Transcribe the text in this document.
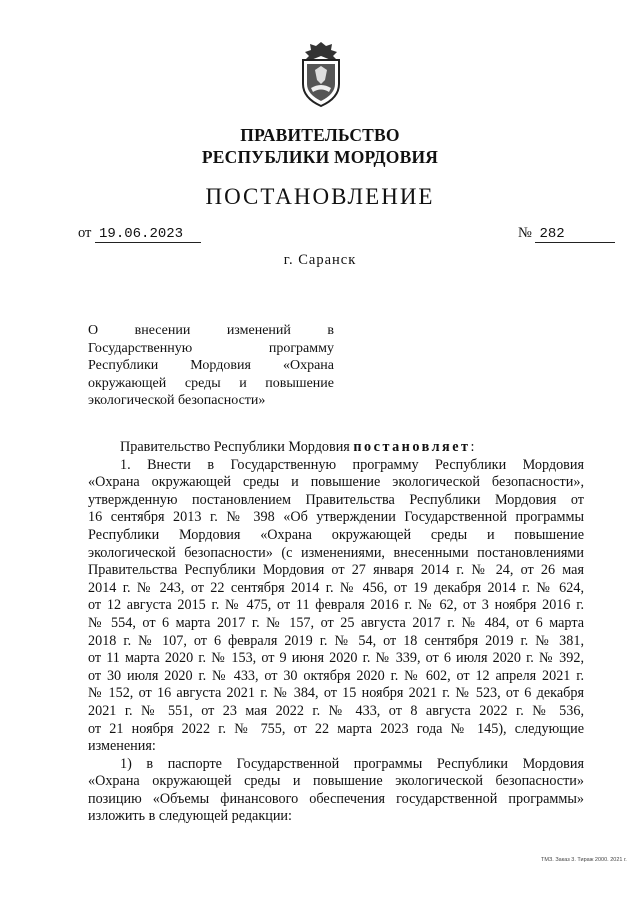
ПРАВИТЕЛЬСТВО
РЕСПУБЛИКИ МОРДОВИЯ
ПОСТАНОВЛЕНИЕ
от 19.06.2023	№ 282
г. Саранск
О внесении изменений в
Государственную программу
Республики Мордовия «Охрана
окружающей среды и повышение
экологической безопасности»
Правительство Республики Мордовия постановляет:
1. Внести в Государственную программу Республики Мордовия
«Охрана окружающей среды и повышение экологической безопасности»,
утвержденную постановлением Правительства Республики Мордовия от
16 сентября 2013 г. № 398 «Об утверждении Государственной программы
Республики Мордовия «Охрана окружающей среды и повышение
экологической безопасности» (с изменениями, внесенными постановлениями
Правительства Республики Мордовия от 27 января 2014 г. № 24, от 26 мая
2014 г. № 243, от 22 сентября 2014 г. № 456, от 19 декабря 2014 г. № 624,
от 12 августа 2015 г. № 475, от 11 февраля 2016 г. № 62, от 3 ноября 2016 г.
№ 554, от 6 марта 2017 г. № 157, от 25 августа 2017 г. № 484, от 6 марта
2018 г. № 107, от 6 февраля 2019 г. № 54, от 18 сентября 2019 г. № 381,
от 11 марта 2020 г. № 153, от 9 июня 2020 г. № 339, от 6 июля 2020 г. № 392,
от 30 июля 2020 г. № 433, от 30 октября 2020 г. № 602, от 12 апреля 2021 г.
№ 152, от 16 августа 2021 г. № 384, от 15 ноября 2021 г. № 523, от 6 декабря
2021 г. № 551, от 23 мая 2022 г. № 433, от 8 августа 2022 г. № 536,
от 21 ноября 2022 г. № 755, от 22 марта 2023 года № 145), следующие
изменения:
1) в паспорте Государственной программы Республики Мордовия
«Охрана окружающей среды и повышение экологической безопасности»
позицию «Объемы финансового обеспечения государственной программы»
изложить в следующей редакции:
ТМЗ. Заказ 3. Тираж 2000. 2021 г.
